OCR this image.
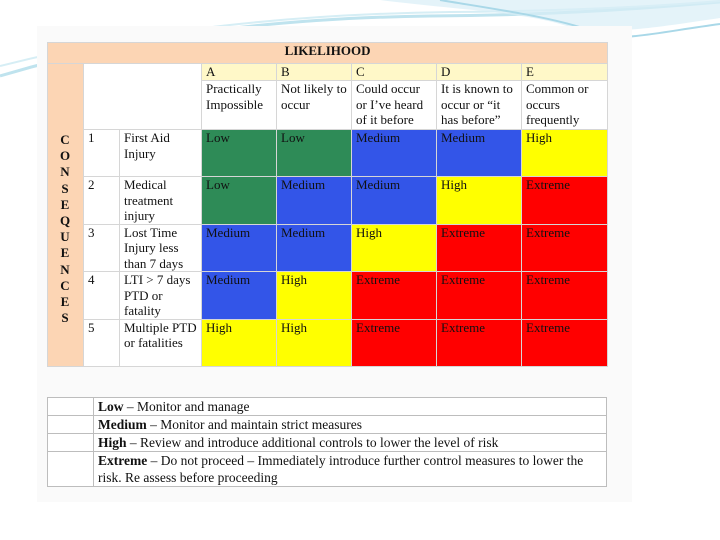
LIKELIHOOD							
			A	B	C	D	E
			Practically Impossible	Not likely to occur	Could occur or I’ve heard of it before	It is known to occur or “it has before”	Common or occurs frequently
	1	First Aid Injury	Low	Low	Medium	Medium	High
	2	Medical treatment injury	Low	Medium	Medium	High	Extreme
	3	Lost Time Injury less than 7 days	Medium	Medium	High	Extreme	Extreme
	4	LTI > 7 days PTD or fatality	Medium	High	Extreme	Extreme	Extreme
	5	Multiple PTD or fatalities	High	High	Extreme	Extreme	Extreme
C
O
N
S
E
Q
U
E
N
C
E
S
	Low – Monitor and manage
	Medium – Monitor and maintain strict measures
	High – Review and introduce additional controls to lower the level of risk
	Extreme – Do not proceed – Immediately introduce further control measures to lower the risk. Re assess before proceeding
